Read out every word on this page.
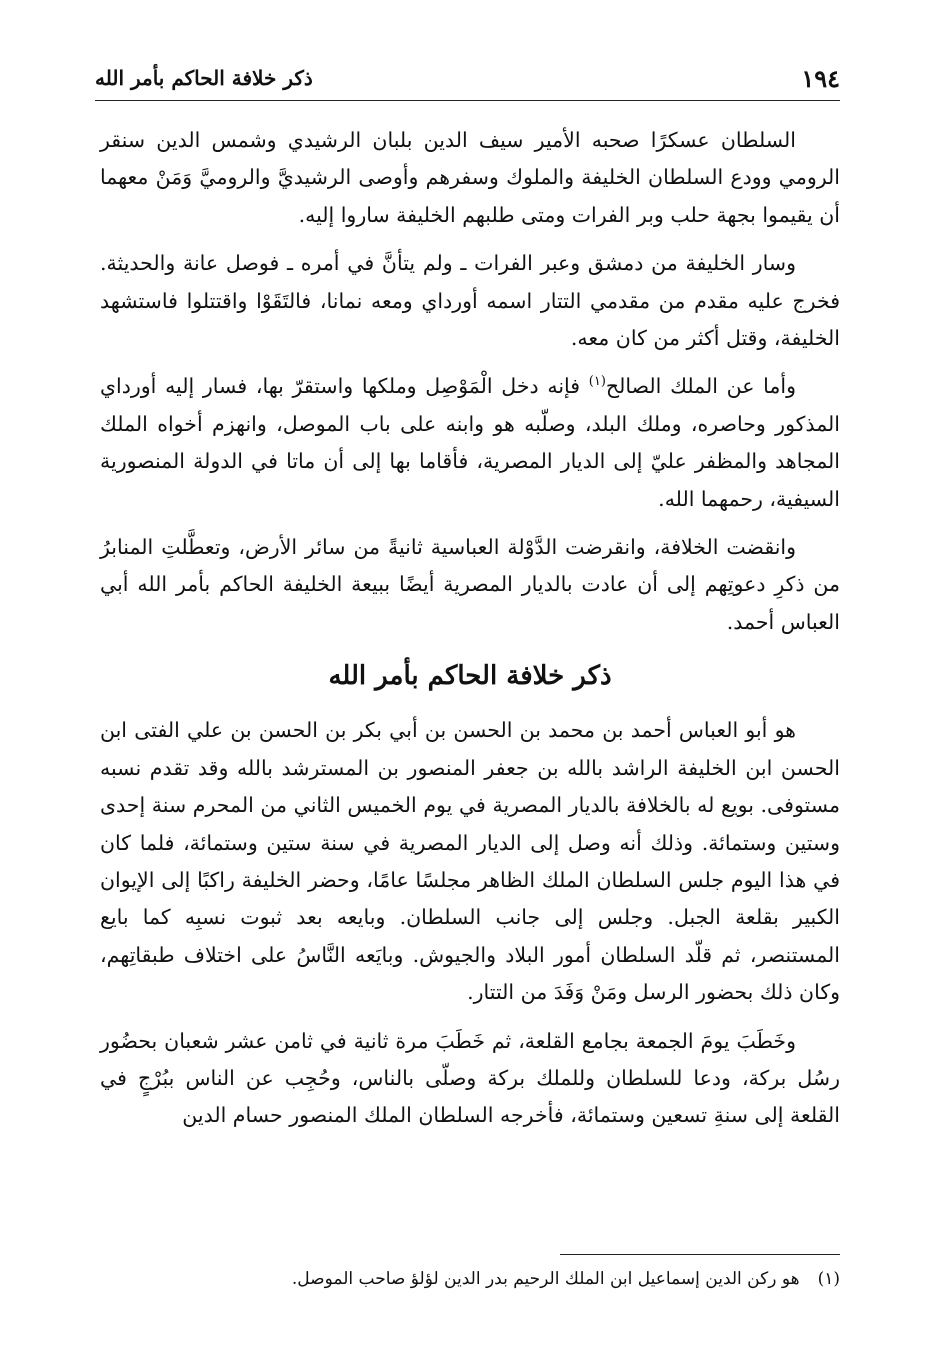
ذكر خلافة الحاكم بأمر الله	١٩٤

السلطان عسكرًا صحبه الأمير سيف الدين بلبان الرشيدي وشمس الدين سنقر الرومي وودع السلطان الخليفة والملوك وسفرهم وأوصى الرشيديَّ والروميَّ وَمَنْ معهما أن يقيموا بجهة حلب وبر الفرات ومتى طلبهم الخليفة ساروا إليه.

وسار الخليفة من دمشق وعبر الفرات ـ ولم يتأنَّ في أمره ـ فوصل عانة والحديثة. فخرج عليه مقدم من مقدمي التتار اسمه أورداي ومعه نمانا، فالتَقَوْا واقتتلوا فاستشهد الخليفة، وقتل أكثر من كان معه.

وأما عن الملك الصالح$^{(١)}$ فإنه دخل الْمَوْصِل وملكها واستقرّ بها، فسار إليه أورداي المذكور وحاصره، وملك البلد، وصلّبه هو وابنه على باب الموصل، وانهزم أخواه الملك المجاهد والمظفر عليّ إلى الديار المصرية، فأقاما بها إلى أن ماتا في الدولة المنصورية السيفية، رحمهما الله.

وانقضت الخلافة، وانقرضت الدَّوْلة العباسية ثانيةً من سائر الأرض، وتعطَّلتِ المنابرُ من ذكرِ دعوتِهم إلى أن عادت بالديار المصرية أيضًا ببيعة الخليفة الحاكم بأمر الله أبي العباس أحمد.

ذكر خلافة الحاكم بأمر الله

هو أبو العباس أحمد بن محمد بن الحسن بن أبي بكر بن الحسن بن علي الفتى ابن الحسن ابن الخليفة الراشد بالله بن جعفر المنصور بن المسترشد بالله وقد تقدم نسبه مستوفى. بويع له بالخلافة بالديار المصرية في يوم الخميس الثاني من المحرم سنة إحدى وستين وستمائة. وذلك أنه وصل إلى الديار المصرية في سنة ستين وستمائة، فلما كان في هذا اليوم جلس السلطان الملك الظاهر مجلسًا عامًا، وحضر الخليفة راكبًا إلى الإيوان الكبير بقلعة الجبل. وجلس إلى جانب السلطان. وبايعه بعد ثبوت نسبِه كما بايع المستنصر، ثم قلّد السلطان أمور البلاد والجيوش. وبايَعه النَّاسُ على اختلاف طبقاتِهم، وكان ذلك بحضور الرسل ومَنْ وَفَدَ من التتار.

وخَطَبَ يومَ الجمعة بجامع القلعة، ثم خَطَبَ مرة ثانية في ثامن عشر شعبان بحضُور رسُل بركة، ودعا للسلطان وللملك بركة وصلّى بالناس، وحُجِب عن الناس ببُرْجٍ في القلعة إلى سنةِ تسعين وستمائة، فأخرجه السلطان الملك المنصور حسام الدين

(١)هو ركن الدين إسماعيل ابن الملك الرحيم بدر الدين لؤلؤ صاحب الموصل.
